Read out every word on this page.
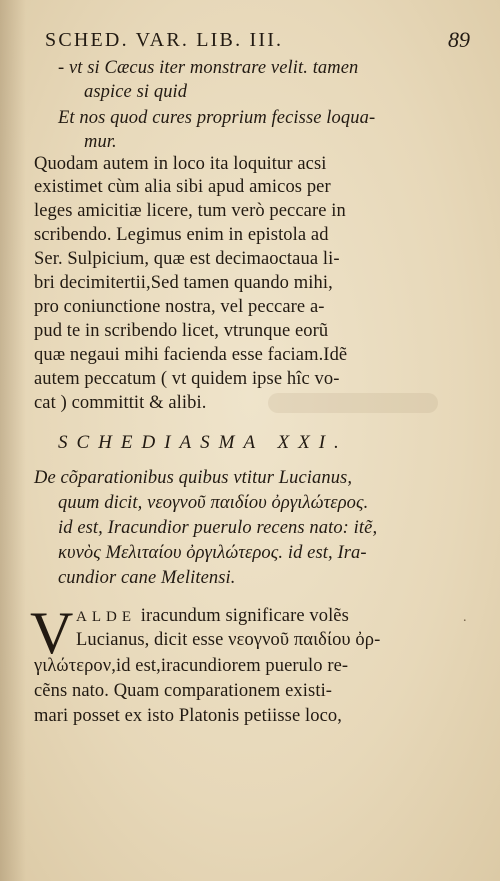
SCHED. VAR. LIB. III.	89
- vt si Cæcus iter monstrare velit. tamen
aspice si quid
Et nos quod cures proprium fecisse loqua-
mur.
Quodam autem in loco ita loquitur acsi
existimet cùm alia sibi apud amicos per
leges amicitiæ licere, tum verò peccare in
scribendo. Legimus enim in epistola ad
Ser. Sulpicium, quæ est decimaoctaua li-
bri decimitertii,Sed tamen quando mihi,
pro coniunctione nostra, vel peccare a-
pud te in scribendo licet, vtrunque eorũ
quæ negaui mihi facienda esse faciam.Idẽ
autem peccatum ( vt quidem ipse hîc vo-
cat ) committit & alibi.
SCHEDIASMA XXI.
De cõparationibus quibus vtitur Lucianus,
quum dicit, νεογνοῦ παιδίου ὀργιλώτερος.
id est, Iracundior puerulo recens nato: itẽ,
κυνὸς Μελιταίου ὀργιλώτερος. id est, Ira-
cundior cane Melitensi.
V ALDE iracundum significare volẽs
Lucianus, dicit esse νεογνοῦ παιδίου ὀρ-
γιλώτερον,id est,iracundiorem puerulo re-
cẽns nato. Quam comparationem existi-
mari posset ex isto Platonis petiisse loco,
.
